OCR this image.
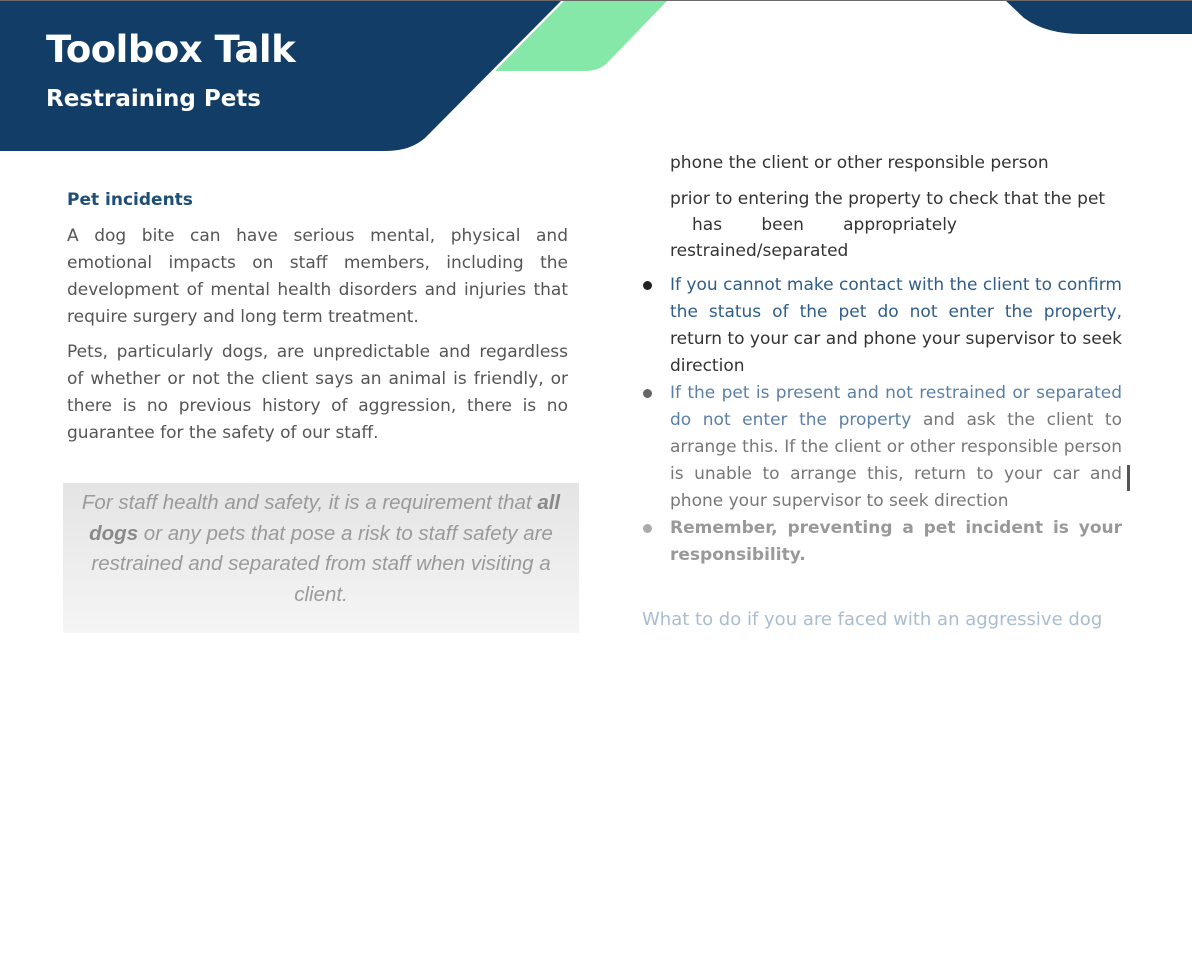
Toolbox Talk
Restraining Pets
Pet incidents

A dog bite can have serious mental, physical and emotional impacts on staff members, including the development of mental health disorders and injuries that require surgery and long term treatment.

Pets, particularly dogs, are unpredictable and regardless of whether or not the client says an animal is friendly, or there is no previous history of aggression, there is no guarantee for the safety of our staff.

For staff health and safety, it is a requirement that all dogs or any pets that pose a risk to staff safety are restrained and separated from staff when visiting a client.

phone the client or other responsible person

prior to entering the property to check that the pet

has been appropriately

restrained/separated

If you cannot make contact with the client to confirm the status of the pet do not enter the property, return to your car and phone your supervisor to seek direction
If the pet is present and not restrained or separated do not enter the property and ask the client to arrange this. If the client or other responsible person is unable to arrange this, return to your car and phone your supervisor to seek direction
Remember, preventing a pet incident is your responsibility.
What to do if you are faced with an aggressive dog
